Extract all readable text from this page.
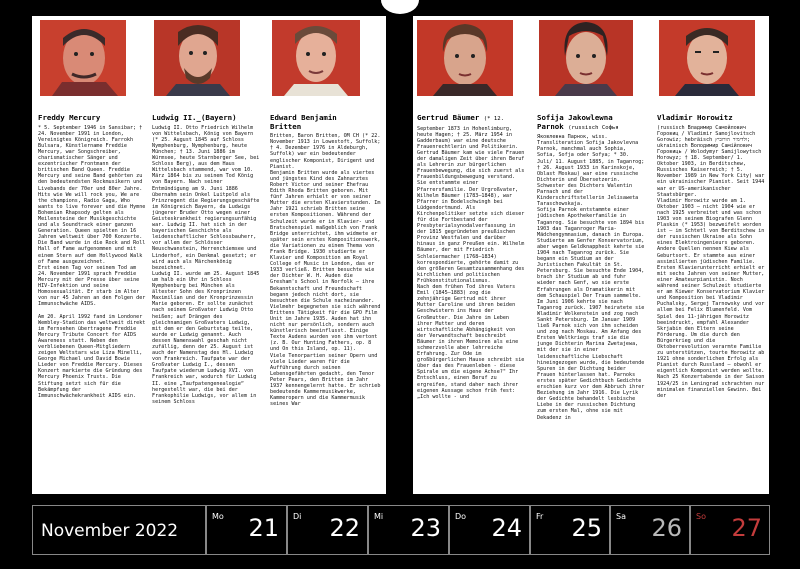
Freddy Mercury
* 5. September 1946 in Sansibar; † 24. November 1991 in London, Vereinigtes Königreich. Farrokh Bulsara, Künstlername Freddie Mercury, war Songschreiber, charismatischer Sänger und exzentrischer Frontmann der britischen Band Queen. Freddie Mercury und seine Band gehörten zu den bedeutendsten Rockmusikern und Livebands der 70er und 80er Jahre. Hits wie We will rock you, We are the champions, Radio Gaga, Who wants to live forever und die Hymne Bohemian Rhapsody gelten als Meilensteine der Musikgeschichte und als Soundtrack einer ganzen Generation. Queen spielten in 16 Jahren weltweit über 700 Konzerte. Die Band wurde in die Rock and Roll Hall of Fame aufgenommen und mit einem Stern auf dem Hollywood Walk of Fame ausgezeichnet.
Erst einen Tag vor seinem Tod am 24. November 1991 sprach Freddie Mercury mit der Presse über seine HIV-Infektion und seine Homosexualität. Er starb im Alter von nur 45 Jahren an den Folgen der Immunschwäche AIDS.

Am 20. April 1992 fand im Londoner Wembley-Stadion das weltweit direkt im Fernsehen übertragene Freddie Mercury Tribute Concert for AIDS Awareness statt. Neben den verbliebenen Queen-Mitgliedern zeigen Weltstars wie Liza Minelli, George Michael und David Bowie Lieder von Freddie Mercury. Dieses Konzert markierte die Gründung des Mercury Phoenix Trusts. Die Stiftung setzt sich für die Bekämpfung der Immunschwächekrankheit AIDS ein.
Ludwig II._(Bayern)
Ludwig II. Otto Friedrich Wilhelm von Wittelsbach, König von Bayern (* 25. August 1845 auf Schloss Nymphenburg, Nymphenburg, heute München; † 13. Juni 1886 im Würmsee, heute Starnberger See, bei Schloss Berg), aus dem Haus Wittelsbach stammend, war vom 10. März 1864 bis zu seinem Tod König von Bayern. Nach seiner Entmündigung am 9. Juni 1886 übernahm sein Onkel Luitpold als Prinzregent die Regierungsgeschäfte im Königreich Bayern, da Ludwigs jüngerer Bruder Otto wegen einer Geisteskrankheit regierungsunfähig war. Ludwig II. hat sich in der bayerischen Geschichte als leidenschaftlicher Schlossbauherr, vor allem der Schlösser Neuschwanstein, Herrenchiemsee und Linderhof, ein Denkmal gesetzt; er wird auch als Märchenkönig bezeichnet.
Ludwig II. wurde am 25. August 1845 um halb ein Uhr in Schloss Nymphenburg bei München als ältester Sohn des Kronprinzen Maximilian und der Kronprinzessin Marie geboren. Er sollte zunächst nach seinem Großvater Ludwig Otto heißen; auf Drängen des gleichnamigen Großvaters Ludwig, mit dem er den Geburtstag teilte, wurde er Ludwig genannt. Auch dessen Namenswahl geschah nicht zufällig, denn der 25. August ist auch der Namenstag des Hl. Ludwig von Frankreich. Taufpate war der Großvater Ludwig I., dessen Taufpate wiederum Ludwig XVI. von Frankreich war, wodurch für Ludwig II. eine „Taufpatengenealogie“ hergestellt war, die bei der Frankophilie Ludwigs, vor allem in seinem Schloss
Edward Benjamin
Britten
Britten, Baron Britten, OM CH (* 22. November 1913 in Lowestoft, Suffolk; † 4. Dezember 1976 in Aldeburgh, Suffolk) war ein bedeutender englischer Komponist, Dirigent und Pianist.
Benjamin Britten wurde als viertes und jüngstes Kind des Zahnarztes Robert Victor und seiner Ehefrau Edith Rhoda Britten geboren. Mit fünf Jahren erhielt er von seiner Mutter die ersten Klavierstunden. Im Jahr 1921 schrieb Britten seine ersten Kompositionen. Während der Schulzeit wurde er in Klavier- und Bratschenspiel maßgeblich von Frank Bridge unterrichtet, ihm widmete er später sein erstes Kompositionswerk, die Variationen zu einem Thema von Frank Bridge. 1930 studierte er Klavier und Komposition am Royal College of Music in London, das er 1933 verließ. Britten besuchte wie der Dichter W. H. Auden die Gresham's School in Norfolk – ihre Bekanntschaft und Freundschaft begann jedoch nicht dort, sie besuchten die Schule nacheinander. Vielmehr begegneten sie sich während Brittens Tätigkeit für die GPO Film Unit im Jahre 1935. Auden hat ihn nicht nur persönlich, sondern auch künstlerisch beeinflusst. Einige Texte Audens wurden von ihm vertont (z. B. Our Hunting Fathers, op. 8 und On this Island, op. 11).
Viele Tenorpartien seiner Opern und viele Lieder waren für die Aufführung durch seinen Lebensgefährten gedacht, den Tenor Peter Pears, den Britten im Jahr 1937 kennengelernt hatte. Er schrieb bedeutende Kammermusikwerke, Kammeropern und die Kammermusik seines War
Gertrud Bäumer (* 12.
September 1873 in Hohenlimburg, heute Hagen; † 25. März 1954 in Gadderbaum) war eine deutsche Frauenrechtlerin und Politikerin.
Gertrud Bäumer kam wie viele Frauen der damaligen Zeit über ihren Beruf als Lehrerin zur bürgerlichen Frauenbewegung, die sich zuerst als Frauenbildungsbewegung verstand.
Sie entstammte einer Pfarrersfamilie. Der Urgroßvater, Wilhelm Bäumer (1783–1848), war Pfarrer in Bodelschwingh bei Lüdgendortmund. Als Kirchenpolitiker setzte sich dieser für die Fortbestand der Presbyterialsynodalverfassung in der 1815 gegründeten preußischen Provinz Westfalen und darüber hinaus in ganz Preußen ein. Wilhelm Bäumer, der mit Friedrich Schleiermacher (1768–1834) korrespondierte, gehörte damit zu den größeren Gesamtzusammenhang des kirchlichen und politischen Frühkonstitutionalismus.
Nach dem frühen Tod ihres Vaters Emil (1845–1883) zog die zehnjährige Gertrud mit ihrer Mutter Caroline und ihren beiden Geschwistern ins Haus der Großmutter. Die Jahre im Leben ihrer Mutter und deren wirtschaftliche Abhängigkeit von der Verwandtschaft beschreibt Bäumer in ihren Memoiren als eine schmerzvolle aber lehrreiche Erfahrung. Zur Ode im großbürgerlichen Hause schreibt sie über das des Frauenleben - diese Spirale um die eigene Achse?" Ihr Entschluss, einen Beruf zu ergreifen, stand daher nach ihrer eigenen Aussage schon früh fest: „Ich wollte - und
Sofija Jakowlewna
Parnok (russisch Софья
Яковлевна Парнок, wiss. Transliteration Sofija Jakovlevna Parnok, manchmal auch Sophia, Sofia, Sofja oder Sofya; * 30. Juli/ 11. August 1885, in Taganrog; † 26. August 1933 in Karinskoje, Oblast Moskau) war eine russische Dichterin und Übersetzerin. Schwester des Dichters Walentin Parnach und der Kinderschriftstellerin Jelisaweta Taraschowskaja.
Sofija Parnok entstammte einer jüdischen Apothekerfamilie in Taganrog. Sie besuchte von 1894 bis 1903 das Taganroger Maria-Mädchengymnasium, danach in Europa. Studierte am Genfer Konservatorium, aber wegen Geldknappheit kehrte sie 1904 nach Taganrog zurück. Sie begann ein Studium an der Juristischen Fakultät in St. Petersburg. Sie besuchte Ende 1904, brach ihr Studium ab und fuhr wieder nach Genf, wo sie erste Erfahrungen als Dramatikerin mit dem Schauspiel Der Traum sammelte. Im Juni 1906 kehrte sie nach Taganrog zurück. 1907 heiratete sie Wladimir Wolkenstein und zog nach Sankt Petersburg. Im Januar 1909 ließ Parnok sich von ihm scheiden und zog nach Moskau. Am Anfang des Ersten Weltkriegs traf sie die junge Dichterin Marina Zwetajewa, mit der sie in einer leidenschaftliche Liebschaft hineingezogen wurde, die bedeutende Spuren in der Dichtung beider Frauen hinterlassen hat. Parnoks erstes später Gedichtbuch Gedichte erschien kurz vor dem Abbruch ihrer Beziehung im Jahr 1916. Die Lyrik der Gedichte behandelt lesbische Liebe in der russischen Dichtung zum ersten Mal, ohne sie mit Dekadenz in
Vladimir Horowitz
(russisch Владимир Самойлович Горовиц / Vladimir Samojlovitsch Gorowiz; hebräisch ולדימיר הורוביץ; ukrainisch Володимир Самійлович Горовиць / Wolodymyr Samijlowytsch Horowyz; † 18. September/ 1. Oktober 1903, in Berditschew, Russisches Kaiserreich; † 5. November 1989 in New York City) war ein ukrainischer Pianist. Seit 1944 war er US-amerikanischer Staatsbürger.
Vladimir Horowitz wurde am 1. Oktober 1903 – nicht 1904 wie er nach 1925 verbreitet und was schon 1903 von seinem Biografen Glenn Plaskin (* 1953) bezweifelt worden ist – im Schtetl von Berditschew in der russischen Ukraine als Sohn eines Elektroingenieurs geboren. Andere Quellen nennen Kiew als Geburtsort. Er stammte aus einer assimilierten jüdischen Familie. Ersten Klavierunterricht erhielt er mit sechs Jahren von seiner Mutter, einer Amateurpianistin. Noch während seiner Schulzeit studierte er am Kiewer Konservatorium Klavier und Komposition bei Vladimir Puchalsky, Sergej Tarnowsky und vor allem bei Felix Blumenfeld. Vom Spiel des 11-jährigen Horowitz beeindruckt, empfahl Alexander Skrjabin den Eltern seine Förderung. Um die durch den Bürgerkrieg und die Oktoberrevolution verarmte Familie zu unterstützen, tourte Horowitz ab 1921 ohne sonderlichen Erfolg als Pianist durch Russland – obwohl er eigentlich Komponist werden wollte. Nach 25 Konzertabende in der Saison 1924/25 in Leningrad schrachten nur minimalen finanziellen Gewinn. Bei der
November 2022
Mo 21 Di 22 Mi 23 Do 24 Fr 25 Sa 26 So 27
